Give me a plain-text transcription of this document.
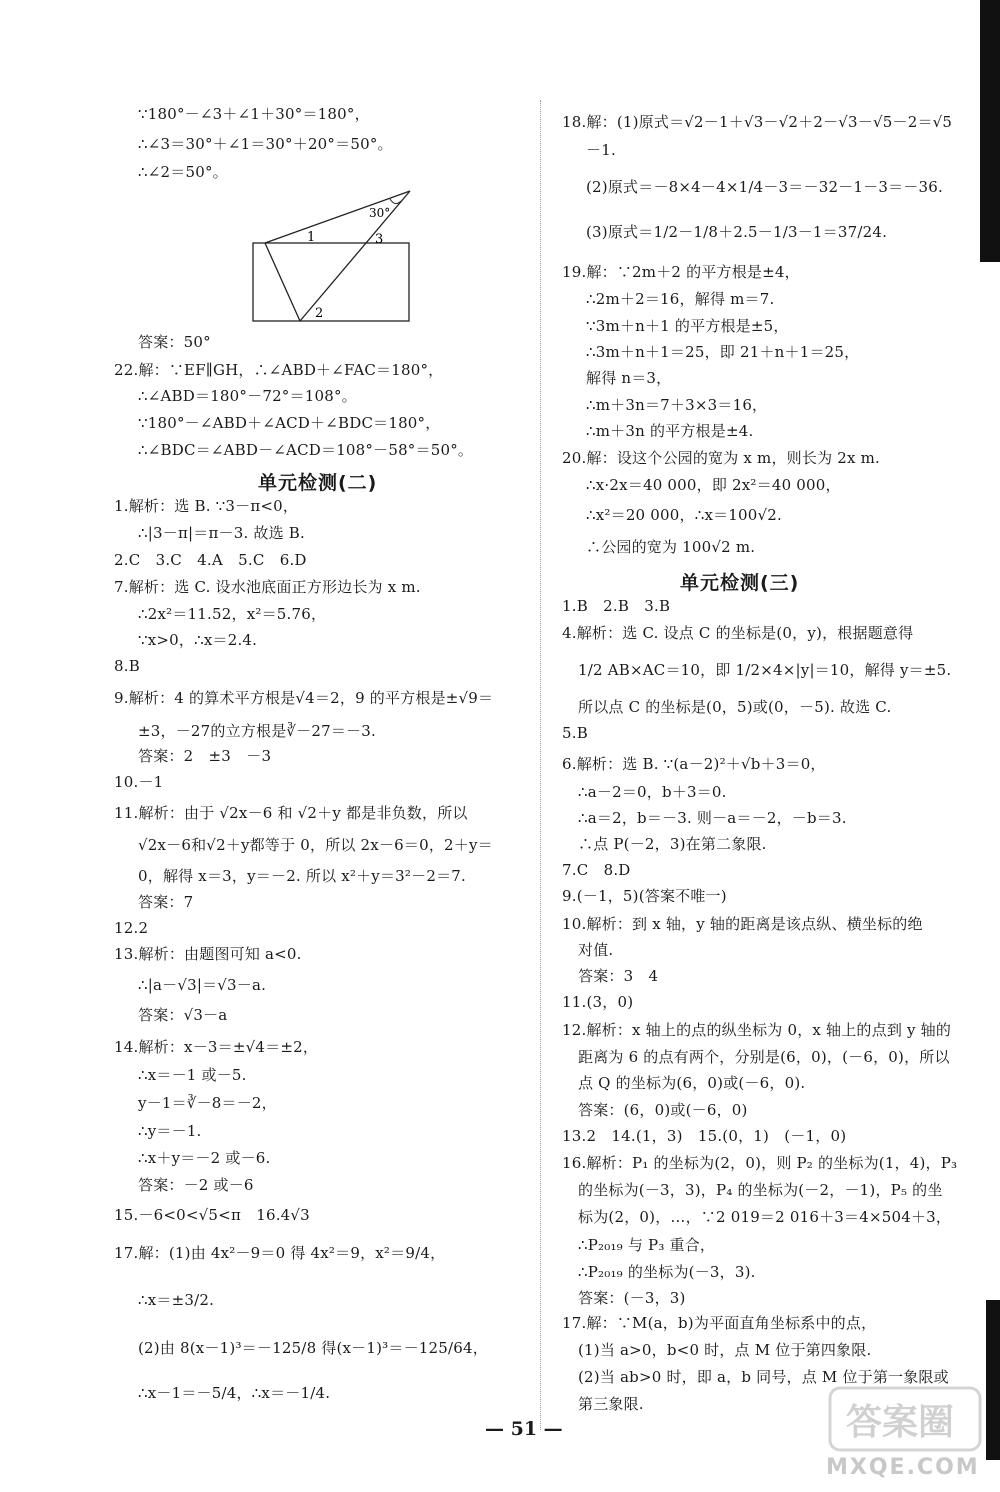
∵180°－∠3＋∠1＋30°＝180°，
∴∠3＝30°＋∠1＝30°＋20°＝50°。
∴∠2＝50°。
30°
1	3
2
答案：50°
22.解：∵EF∥GH，∴∠ABD＋∠FAC＝180°，
∴∠ABD＝180°－72°＝108°。
∵180°－∠ABD＋∠ACD＋∠BDC＝180°，
∴∠BDC＝∠ABD－∠ACD＝108°－58°＝50°。
单元检测(二)
1.解析：选 B. ∵3－π<0，
∴|3－π|＝π－3. 故选 B.
2.C　3.C　4.A　5.C　6.D
7.解析：选 C. 设水池底面正方形边长为 x m.
∴2x²＝11.52，x²＝5.76，
∵x>0，∴x＝2.4.
8.B
9.解析：4 的算术平方根是√4＝2，9 的平方根是±√9＝
±3，－27的立方根是∛－27＝－3.
答案：2　±3　－3
10.－1
11.解析：由于 √2x－6 和 √2＋y 都是非负数，所以
√2x－6和√2＋y都等于 0，所以 2x－6＝0，2＋y＝
0，解得 x＝3，y＝－2. 所以 x²＋y＝3²－2＝7.
答案：7
12.2
13.解析：由题图可知 a<0.
∴|a－√3|＝√3－a.
答案：√3－a
14.解析：x－3＝±√4＝±2，
∴x＝－1 或－5.
y－1＝∛－8＝－2，
∴y＝－1.
∴x＋y＝－2 或－6.
答案：－2 或－6
15.－6<0<√5<π　16.4√3
17.解：(1)由 4x²－9＝0 得 4x²＝9，x²＝9/4，
∴x＝±3/2.
(2)由 8(x－1)³＝－125/8 得(x－1)³＝－125/64，
∴x－1＝－5/4，∴x＝－1/4.
18.解：(1)原式＝√2－1＋√3－√2＋2－√3－√5－2＝√5
－1.
(2)原式＝－8×4－4×1/4－3＝－32－1－3＝－36.
(3)原式＝1/2－1/8＋2.5－1/3－1＝37/24.
19.解：∵2m＋2 的平方根是±4，
∴2m＋2＝16，解得 m＝7.
∵3m＋n＋1 的平方根是±5，
∴3m＋n＋1＝25，即 21＋n＋1＝25，
解得 n＝3，
∴m＋3n＝7＋3×3＝16，
∴m＋3n 的平方根是±4.
20.解：设这个公园的宽为 x m，则长为 2x m.
∴x·2x＝40 000，即 2x²＝40 000，
∴x²＝20 000，∴x＝100√2.
∴公园的宽为 100√2 m.
单元检测(三)
1.B　2.B　3.B
4.解析：选 C. 设点 C 的坐标是(0，y)，根据题意得
1/2 AB×AC＝10，即 1/2×4×|y|＝10，解得 y＝±5.
所以点 C 的坐标是(0，5)或(0，－5). 故选 C.
5.B
6.解析：选 B. ∵(a－2)²＋√b＋3＝0，
∴a－2＝0，b＋3＝0.
∴a＝2，b＝－3. 则－a＝－2，－b＝3.
∴点 P(－2，3)在第二象限.
7.C　8.D
9.(－1，5)(答案不唯一)
10.解析：到 x 轴，y 轴的距离是该点纵、横坐标的绝
对值.
答案：3　4
11.(3，0)
12.解析：x 轴上的点的纵坐标为 0，x 轴上的点到 y 轴的
距离为 6 的点有两个，分别是(6，0)，(－6，0)，所以
点 Q 的坐标为(6，0)或(－6，0).
答案：(6，0)或(－6，0)
13.2　14.(1，3)　15.(0，1)　(－1，0)
16.解析：P₁ 的坐标为(2，0)，则 P₂ 的坐标为(1，4)，P₃
的坐标为(－3，3)，P₄ 的坐标为(－2，－1)，P₅ 的坐
标为(2，0)，…，∵2 019＝2 016＋3＝4×504＋3，
∴P₂₀₁₉ 与 P₃ 重合，
∴P₂₀₁₉ 的坐标为(－3，3).
答案：(－3，3)
17.解：∵M(a，b)为平面直角坐标系中的点，
(1)当 a>0，b<0 时，点 M 位于第四象限.
(2)当 ab>0 时，即 a，b 同号，点 M 位于第一象限或
第三象限.
— 51 —	答案圈
MXQE.COM
